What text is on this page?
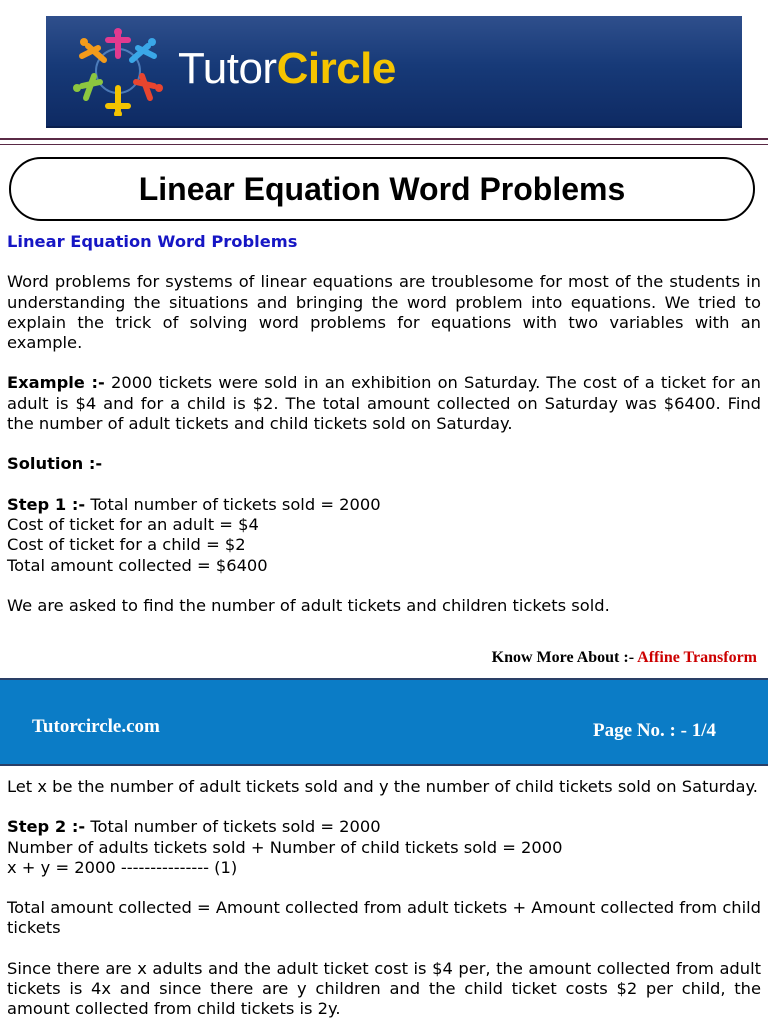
TutorCircle
Linear Equation Word Problems

Linear Equation Word Problems

Word problems for systems of linear equations are troublesome for most of the students in understanding the situations and bringing the word problem into equations. We tried to explain the trick of solving word problems for equations with two variables with an example.

Example :- 2000 tickets were sold in an exhibition on Saturday. The cost of a ticket for an adult is $4 and for a child is $2. The total amount collected on Saturday was $6400. Find the number of adult tickets and child tickets sold on Saturday.

Solution :-

Step 1 :- Total number of tickets sold = 2000
Cost of ticket for an adult = $4
Cost of ticket for a child = $2
Total amount collected = $6400

We are asked to find the number of adult tickets and children tickets sold.

Know More About :- Affine Transform
Tutorcircle.com	Page No. : - 1/4

Let x be the number of adult tickets sold and y the number of child tickets sold on Saturday.

Step 2 :- Total number of tickets sold = 2000
Number of adults tickets sold + Number of child tickets sold = 2000
x + y = 2000 --------------- (1)

Total amount collected = Amount collected from adult tickets + Amount collected from child tickets

Since there are x adults and the adult ticket cost is $4 per, the amount collected from adult tickets is 4x and since there are y children and the child ticket costs $2 per child, the amount collected from child tickets is 2y.
